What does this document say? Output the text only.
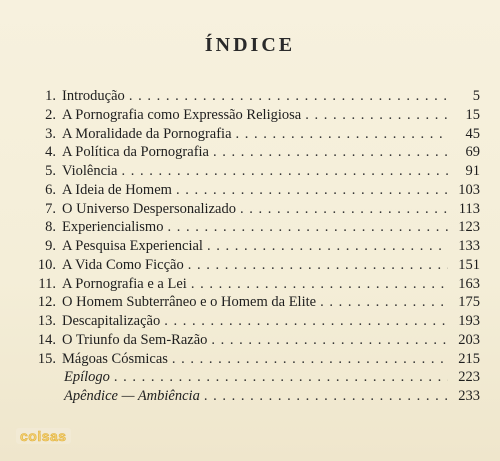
ÍNDICE
1. Introdução . . .	5
2. A Pornografia como Expressão Religiosa . . .	15
3. A Moralidade da Pornografia . . .	45
4. A Política da Pornografia . . .	69
5. Violência . . .	91
6. A Ideia de Homem . . .	103
7. O Universo Despersonalizado . . .	113
8. Experiencialismo . . .	123
9. A Pesquisa Experiencial . . .	133
10. A Vida Como Ficção . . .	151
11. A Pornografia e a Lei . . .	163
12. O Homem Subterrâneo e o Homem da Elite . . .	175
13. Descapitalização . . .	193
14. O Triunfo da Sem-Razão . . .	203
15. Mágoas Cósmicas . . .	215
Epílogo . . .	223
Apêndice — Ambiência . . .	233
coisas
